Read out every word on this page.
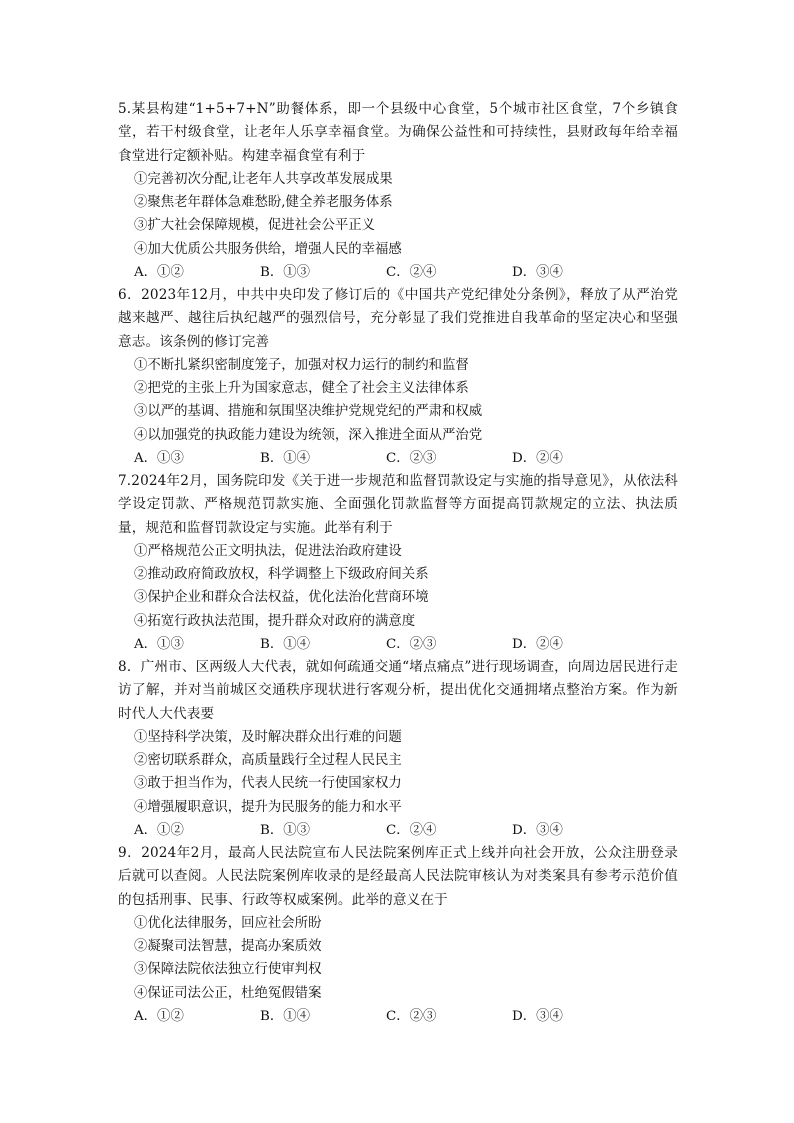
5.某县构建“1+5+7+N”助餐体系，即一个县级中心食堂，5个城市社区食堂，7个乡镇食堂，若干村级食堂，让老年人乐享幸福食堂。为确保公益性和可持续性，县财政每年给幸福食堂进行定额补贴。构建幸福食堂有利于

①完善初次分配,让老年人共享改革发展成果

②聚焦老年群体急难愁盼,健全养老服务体系

③扩大社会保障规模，促进社会公平正义

④加大优质公共服务供给，增强人民的幸福感

A．①②	B．①③	C．②④	D．③④

6．2023年12月，中共中央印发了修订后的《中国共产党纪律处分条例》，释放了从严治党越来越严、越往后执纪越严的强烈信号，充分彰显了我们党推进自我革命的坚定决心和坚强意志。该条例的修订完善

①不断扎紧织密制度笼子，加强对权力运行的制约和监督

②把党的主张上升为国家意志，健全了社会主义法律体系

③以严的基调、措施和氛围坚决维护党规党纪的严肃和权威

④以加强党的执政能力建设为统领，深入推进全面从严治党

A．①③	B．①④	C．②③	D．②④

7.2024年2月，国务院印发《关于进一步规范和监督罚款设定与实施的指导意见》，从依法科学设定罚款、严格规范罚款实施、全面强化罚款监督等方面提高罚款规定的立法、执法质量，规范和监督罚款设定与实施。此举有利于

①严格规范公正文明执法，促进法治政府建设

②推动政府简政放权，科学调整上下级政府间关系

③保护企业和群众合法权益，优化法治化营商环境

④拓宽行政执法范围，提升群众对政府的满意度

A．①③	B．①④	C．②③	D．②④

8．广州市、区两级人大代表，就如何疏通交通“堵点痛点”进行现场调查，向周边居民进行走访了解，并对当前城区交通秩序现状进行客观分析，提出优化交通拥堵点整治方案。作为新时代人大代表要

①坚持科学决策，及时解决群众出行难的问题

②密切联系群众，高质量践行全过程人民民主

③敢于担当作为，代表人民统一行使国家权力

④增强履职意识，提升为民服务的能力和水平

A．①②	B．①③	C．②④	D．③④

9．2024年2月，最高人民法院宣布人民法院案例库正式上线并向社会开放，公众注册登录后就可以查阅。人民法院案例库收录的是经最高人民法院审核认为对类案具有参考示范价值的包括刑事、民事、行政等权威案例。此举的意义在于

①优化法律服务，回应社会所盼

②凝聚司法智慧，提高办案质效

③保障法院依法独立行使审判权

④保证司法公正，杜绝冤假错案

A．①②	B．①④	C．②③	D．③④
